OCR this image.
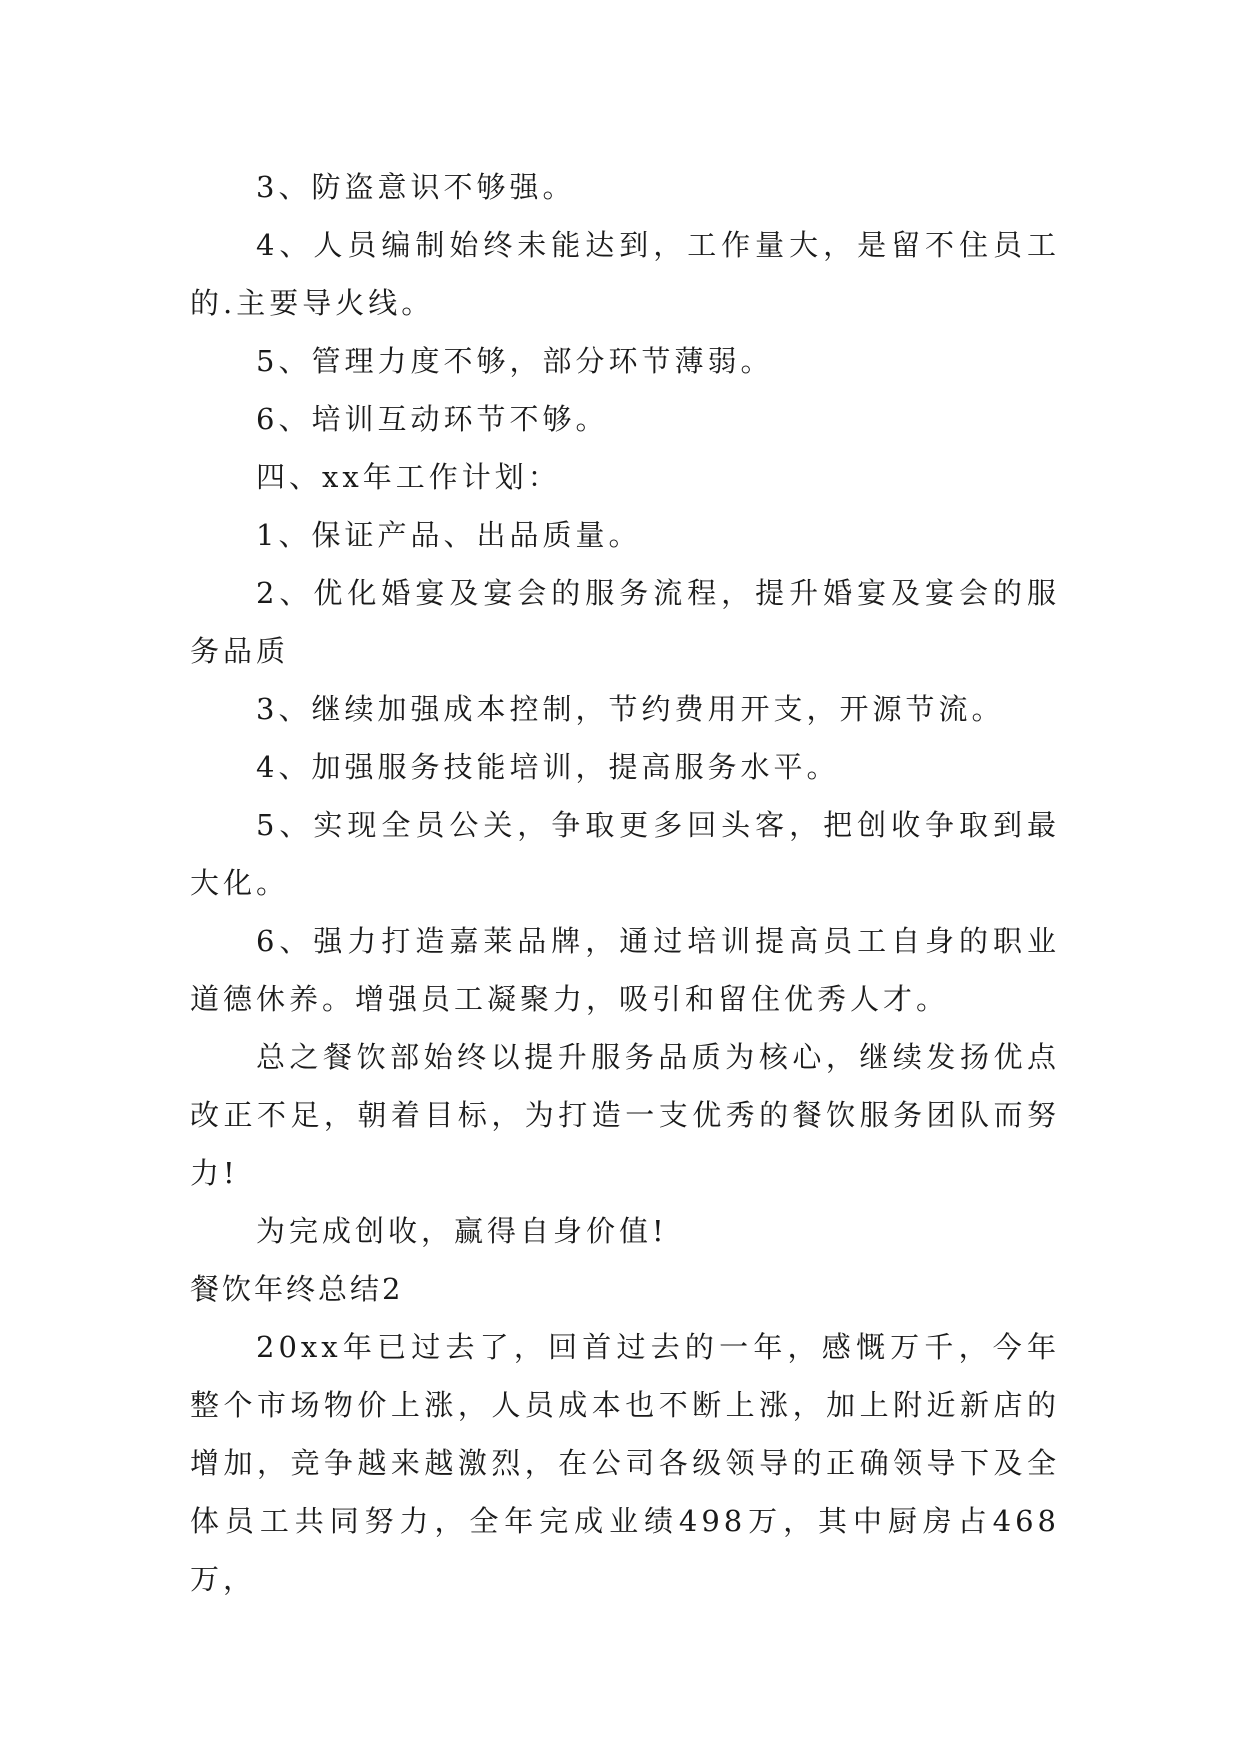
3、防盗意识不够强。

4、人员编制始终未能达到，工作量大，是留不住员工的.主要导火线。

5、管理力度不够，部分环节薄弱。

6、培训互动环节不够。

四、xx年工作计划：

1、保证产品、出品质量。

2、优化婚宴及宴会的服务流程，提升婚宴及宴会的服务品质

3、继续加强成本控制，节约费用开支，开源节流。

4、加强服务技能培训，提高服务水平。

5、实现全员公关，争取更多回头客，把创收争取到最大化。

6、强力打造嘉莱品牌，通过培训提高员工自身的职业道德休养。增强员工凝聚力，吸引和留住优秀人才。

总之餐饮部始终以提升服务品质为核心，继续发扬优点改正不足，朝着目标，为打造一支优秀的餐饮服务团队而努力!

为完成创收，赢得自身价值!

餐饮年终总结2

20xx年已过去了，回首过去的一年，感慨万千，今年整个市场物价上涨，人员成本也不断上涨，加上附近新店的增加，竞争越来越激烈，在公司各级领导的正确领导下及全体员工共同努力，全年完成业绩498万，其中厨房占468万，
